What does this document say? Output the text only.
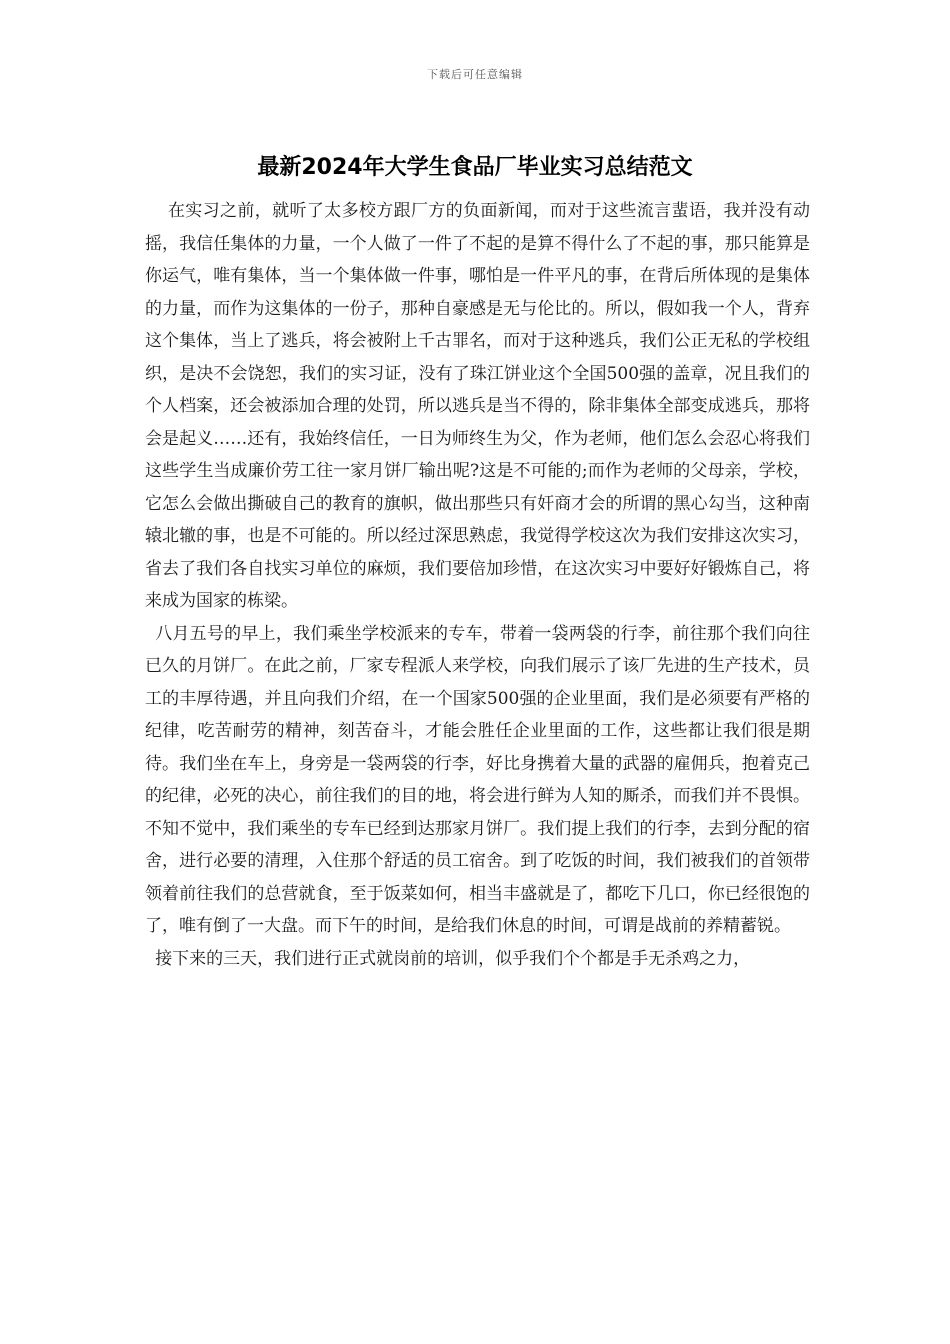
下载后可任意编辑
最新2024年大学生食品厂毕业实习总结范文

在实习之前，就听了太多校方跟厂方的负面新闻，而对于这些流言蜚语，我并没有动摇，我信任集体的力量，一个人做了一件了不起的是算不得什么了不起的事，那只能算是你运气，唯有集体，当一个集体做一件事，哪怕是一件平凡的事，在背后所体现的是集体的力量，而作为这集体的一份子，那种自豪感是无与伦比的。所以，假如我一个人，背弃这个集体，当上了逃兵，将会被附上千古罪名，而对于这种逃兵，我们公正无私的学校组织，是决不会饶恕，我们的实习证，没有了珠江饼业这个全国500强的盖章，况且我们的个人档案，还会被添加合理的处罚，所以逃兵是当不得的，除非集体全部变成逃兵，那将会是起义……还有，我始终信任，一日为师终生为父，作为老师，他们怎么会忍心将我们这些学生当成廉价劳工往一家月饼厂输出呢?这是不可能的;而作为老师的父母亲，学校，它怎么会做出撕破自己的教育的旗帜，做出那些只有奸商才会的所谓的黑心勾当，这种南辕北辙的事，也是不可能的。所以经过深思熟虑，我觉得学校这次为我们安排这次实习，省去了我们各自找实习单位的麻烦，我们要倍加珍惜，在这次实习中要好好锻炼自己，将来成为国家的栋梁。

八月五号的早上，我们乘坐学校派来的专车，带着一袋两袋的行李，前往那个我们向往已久的月饼厂。在此之前，厂家专程派人来学校，向我们展示了该厂先进的生产技术，员工的丰厚待遇，并且向我们介绍，在一个国家500强的企业里面，我们是必须要有严格的纪律，吃苦耐劳的精神，刻苦奋斗，才能会胜任企业里面的工作，这些都让我们很是期待。我们坐在车上，身旁是一袋两袋的行李，好比身携着大量的武器的雇佣兵，抱着克己的纪律，必死的决心，前往我们的目的地，将会进行鲜为人知的厮杀，而我们并不畏惧。不知不觉中，我们乘坐的专车已经到达那家月饼厂。我们提上我们的行李，去到分配的宿舍，进行必要的清理，入住那个舒适的员工宿舍。到了吃饭的时间，我们被我们的首领带领着前往我们的总营就食，至于饭菜如何，相当丰盛就是了，都吃下几口，你已经很饱的了，唯有倒了一大盘。而下午的时间，是给我们休息的时间，可谓是战前的养精蓄锐。

接下来的三天，我们进行正式就岗前的培训，似乎我们个个都是手无杀鸡之力，
